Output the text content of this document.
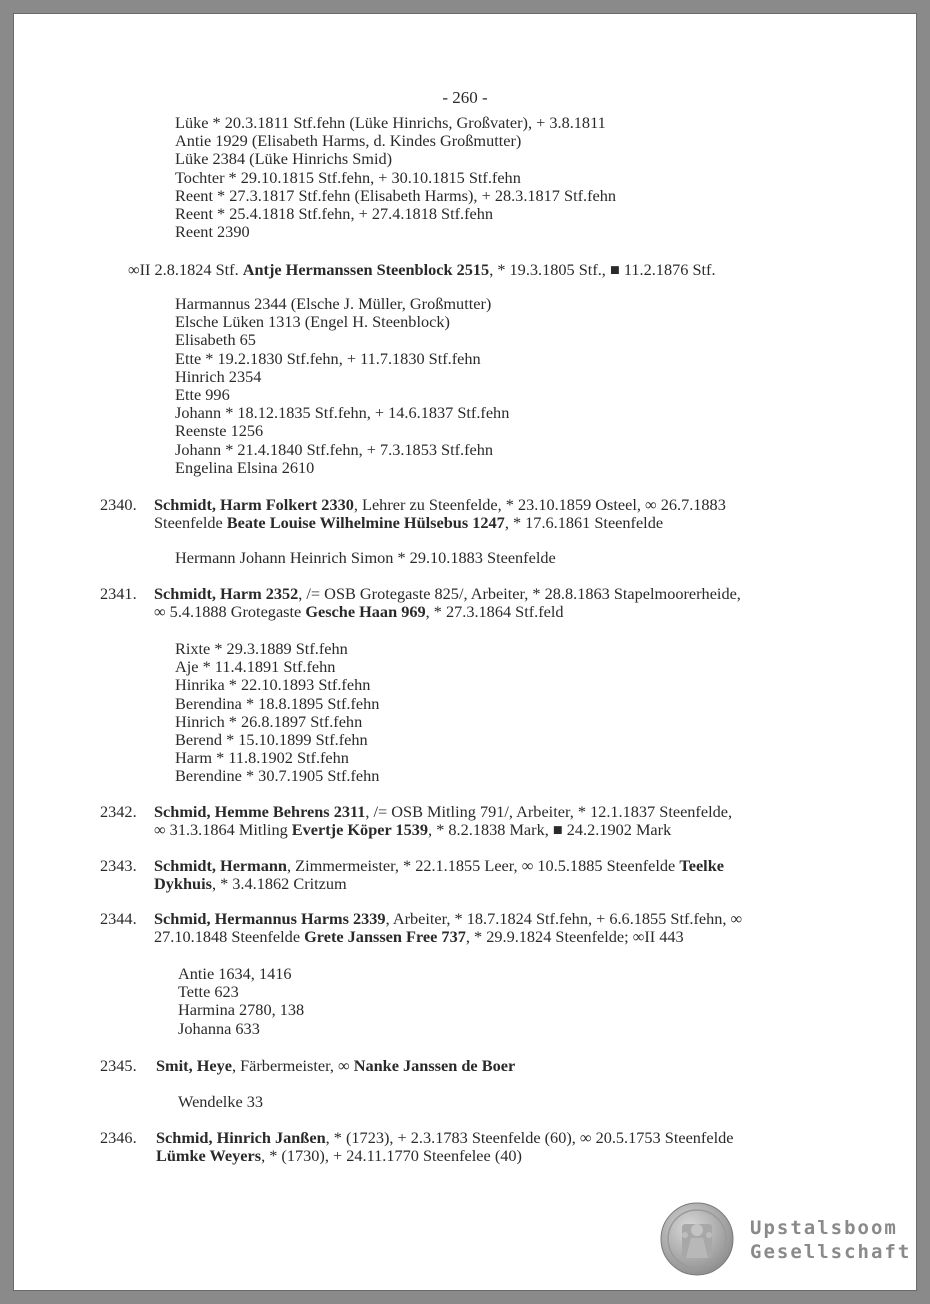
- 260 -
Lüke * 20.3.1811 Stf.fehn (Lüke Hinrichs, Großvater), + 3.8.1811
Antie 1929 (Elisabeth Harms, d. Kindes Großmutter)
Lüke 2384 (Lüke Hinrichs Smid)
Tochter * 29.10.1815 Stf.fehn, + 30.10.1815 Stf.fehn
Reent * 27.3.1817 Stf.fehn (Elisabeth Harms), + 28.3.1817 Stf.fehn
Reent * 25.4.1818 Stf.fehn, + 27.4.1818 Stf.fehn
Reent 2390
∞II 2.8.1824 Stf. Antje Hermanssen Steenblock 2515, * 19.3.1805 Stf., ■ 11.2.1876 Stf.
Harmannus 2344 (Elsche J. Müller, Großmutter)
Elsche Lüken 1313 (Engel H. Steenblock)
Elisabeth 65
Ette * 19.2.1830 Stf.fehn, + 11.7.1830 Stf.fehn
Hinrich 2354
Ette 996
Johann * 18.12.1835 Stf.fehn, + 14.6.1837 Stf.fehn
Reenste 1256
Johann * 21.4.1840 Stf.fehn, + 7.3.1853 Stf.fehn
Engelina Elsina 2610
2340. Schmidt, Harm Folkert 2330, Lehrer zu Steenfelde, * 23.10.1859 Osteel, ∞ 26.7.1883
Steenfelde Beate Louise Wilhelmine Hülsebus 1247, * 17.6.1861 Steenfelde
Hermann Johann Heinrich Simon * 29.10.1883 Steenfelde
2341. Schmidt, Harm 2352, /= OSB Grotegaste 825/, Arbeiter, * 28.8.1863 Stapelmoorerheide,
∞ 5.4.1888 Grotegaste Gesche Haan 969, * 27.3.1864 Stf.feld
Rixte * 29.3.1889 Stf.fehn
Aje * 11.4.1891 Stf.fehn
Hinrika * 22.10.1893 Stf.fehn
Berendina * 18.8.1895 Stf.fehn
Hinrich * 26.8.1897 Stf.fehn
Berend * 15.10.1899 Stf.fehn
Harm * 11.8.1902 Stf.fehn
Berendine * 30.7.1905 Stf.fehn
2342. Schmid, Hemme Behrens 2311, /= OSB Mitling 791/, Arbeiter, * 12.1.1837 Steenfelde,
∞ 31.3.1864 Mitling Evertje Köper 1539, * 8.2.1838 Mark, ■ 24.2.1902 Mark
2343. Schmidt, Hermann, Zimmermeister, * 22.1.1855 Leer, ∞ 10.5.1885 Steenfelde Teelke
Dykhuis, * 3.4.1862 Critzum
2344. Schmid, Hermannus Harms 2339, Arbeiter, * 18.7.1824 Stf.fehn, + 6.6.1855 Stf.fehn, ∞
27.10.1848 Steenfelde Grete Janssen Free 737, * 29.9.1824 Steenfelde; ∞II 443
Antie 1634, 1416
Tette 623
Harmina 2780, 138
Johanna 633
2345. Smit, Heye, Färbermeister, ∞ Nanke Janssen de Boer
Wendelke 33
2346. Schmid, Hinrich Janßen, * (1723), + 2.3.1783 Steenfelde (60), ∞ 20.5.1753 Steenfelde
Lümke Weyers, * (1730), + 24.11.1770 Steenfelee (40)
Upstalsboom
Gesellschaft
